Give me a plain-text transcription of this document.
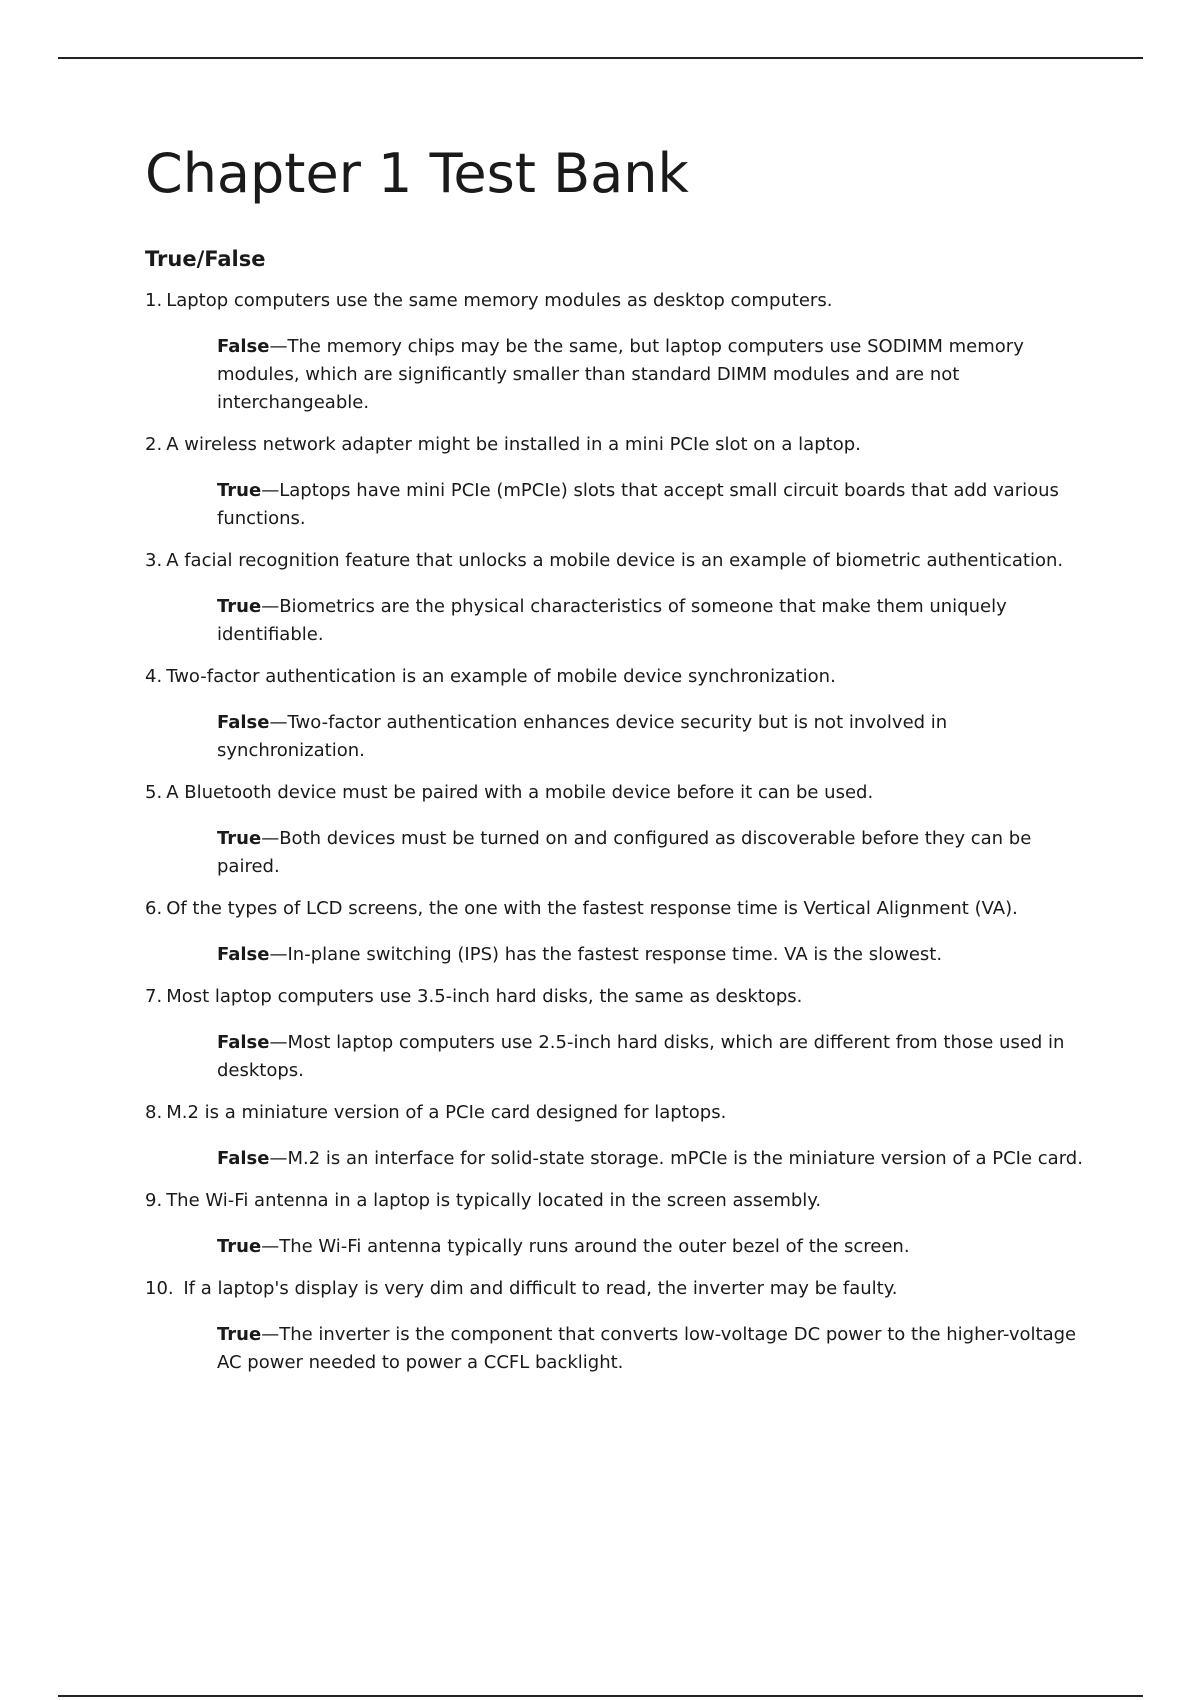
Chapter 1 Test Bank
True/False

1. Laptop computers use the same memory modules as desktop computers.

False—The memory chips may be the same, but laptop computers use SODIMM memory modules, which are significantly smaller than standard DIMM modules and are not interchangeable.

2. A wireless network adapter might be installed in a mini PCIe slot on a laptop.

True—Laptops have mini PCIe (mPCIe) slots that accept small circuit boards that add various functions.

3. A facial recognition feature that unlocks a mobile device is an example of biometric authentication.

True—Biometrics are the physical characteristics of someone that make them uniquely identifiable.

4. Two-factor authentication is an example of mobile device synchronization.

False—Two-factor authentication enhances device security but is not involved in synchronization.

5. A Bluetooth device must be paired with a mobile device before it can be used.

True—Both devices must be turned on and configured as discoverable before they can be paired.

6. Of the types of LCD screens, the one with the fastest response time is Vertical Alignment (VA).

False—In-plane switching (IPS) has the fastest response time. VA is the slowest.

7. Most laptop computers use 3.5-inch hard disks, the same as desktops.

False—Most laptop computers use 2.5-inch hard disks, which are different from those used in desktops.

8. M.2 is a miniature version of a PCIe card designed for laptops.

False—M.2 is an interface for solid-state storage. mPCIe is the miniature version of a PCIe card.

9. The Wi-Fi antenna in a laptop is typically located in the screen assembly.

True—The Wi-Fi antenna typically runs around the outer bezel of the screen.

10. If a laptop's display is very dim and difficult to read, the inverter may be faulty.

True—The inverter is the component that converts low-voltage DC power to the higher-voltage AC power needed to power a CCFL backlight.
